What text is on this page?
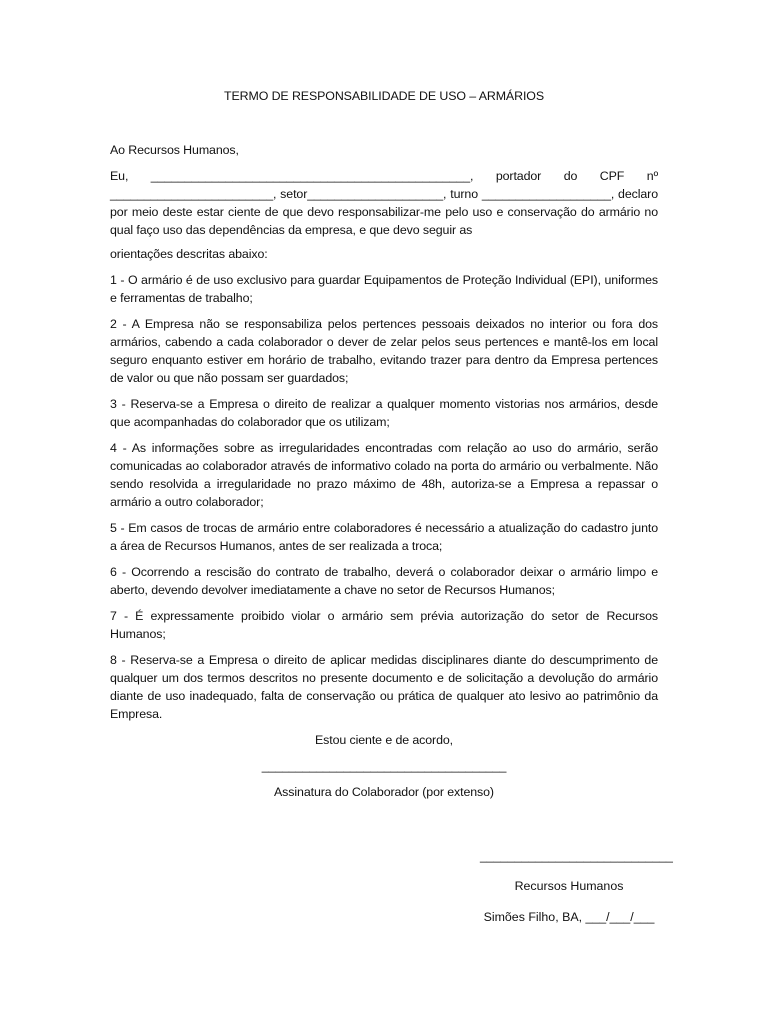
TERMO DE RESPONSABILIDADE DE USO – ARMÁRIOS

Ao Recursos Humanos,

Eu, _______________________________________________, portador do CPF nº

________________________, setor____________________, turno ___________________, declaro

por meio deste estar ciente de que devo responsabilizar-me pelo uso e conservação do armário no qual faço uso das dependências da empresa, e que devo seguir as

orientações descritas abaixo:

1 - O armário é de uso exclusivo para guardar Equipamentos de Proteção Individual (EPI), uniformes e ferramentas de trabalho;

2 - A Empresa não se responsabiliza pelos pertences pessoais deixados no interior ou fora dos armários, cabendo a cada colaborador o dever de zelar pelos seus pertences e mantê-los em local seguro enquanto estiver em horário de trabalho, evitando trazer para dentro da Empresa pertences de valor ou que não possam ser guardados;

3 - Reserva-se a Empresa o direito de realizar a qualquer momento vistorias nos armários, desde que acompanhadas do colaborador que os utilizam;

4 - As informações sobre as irregularidades encontradas com relação ao uso do armário, serão comunicadas ao colaborador através de informativo colado na porta do armário ou verbalmente. Não sendo resolvida a irregularidade no prazo máximo de 48h, autoriza-se a Empresa a repassar o armário a outro colaborador;

5 - Em casos de trocas de armário entre colaboradores é necessário a atualização do cadastro junto a área de Recursos Humanos, antes de ser realizada a troca;

6 - Ocorrendo a rescisão do contrato de trabalho, deverá o colaborador deixar o armário limpo e aberto, devendo devolver imediatamente a chave no setor de Recursos Humanos;

7 - É expressamente proibido violar o armário sem prévia autorização do setor de Recursos Humanos;

8 - Reserva-se a Empresa o direito de aplicar medidas disciplinares diante do descumprimento de qualquer um dos termos descritos no presente documento e de solicitação a devolução do armário diante de uso inadequado, falta de conservação ou prática de qualquer ato lesivo ao patrimônio da Empresa.

Estou ciente e de acordo,

____________________________________

Assinatura do Colaborador (por extenso)

____________________________
Recursos Humanos
Simões Filho, BA, ___/___/___
